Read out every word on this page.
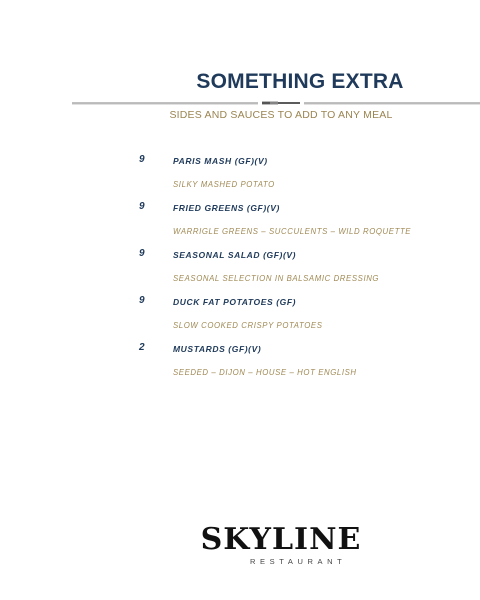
SOMETHING EXTRA
SIDES AND SAUCES TO ADD TO ANY MEAL
9	PARIS MASH (GF)(V)
SILKY MASHED POTATO
9	FRIED GREENS (GF)(V)
WARRIGLE GREENS – SUCCULENTS – WILD ROQUETTE
9	SEASONAL SALAD (GF)(V)
SEASONAL SELECTION IN BALSAMIC DRESSING
9	DUCK FAT POTATOES (GF)
SLOW COOKED CRISPY POTATOES
2	MUSTARDS (GF)(V)
SEEDED – DIJON – HOUSE – HOT ENGLISH
SKYLINE
RESTAURANT
